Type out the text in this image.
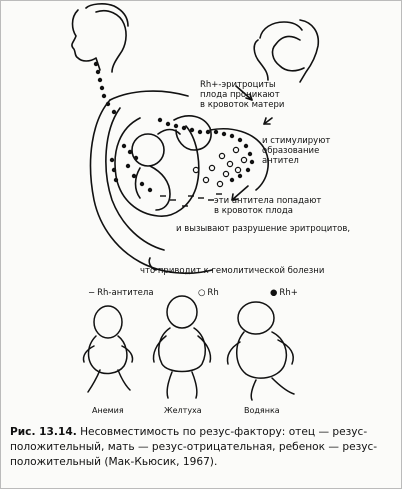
Rh+-эритроциты
плода проникают
в кровоток матери
и стимулируют
образование
антител
эти антитела попадают
в кровоток плода
и вызывают разрушение эритроцитов,
что приводит к гемолитической болезни
− Rh-антитела	○ Rh	● Rh+
Анемия	Желтуха	Водянка
Рис. 13.14. Несовместимость по резус-фактору: отец — резус-положительный, мать — резус-отрицательная, ребенок — резус-положительный (Мак-Кьюсик, 1967).
